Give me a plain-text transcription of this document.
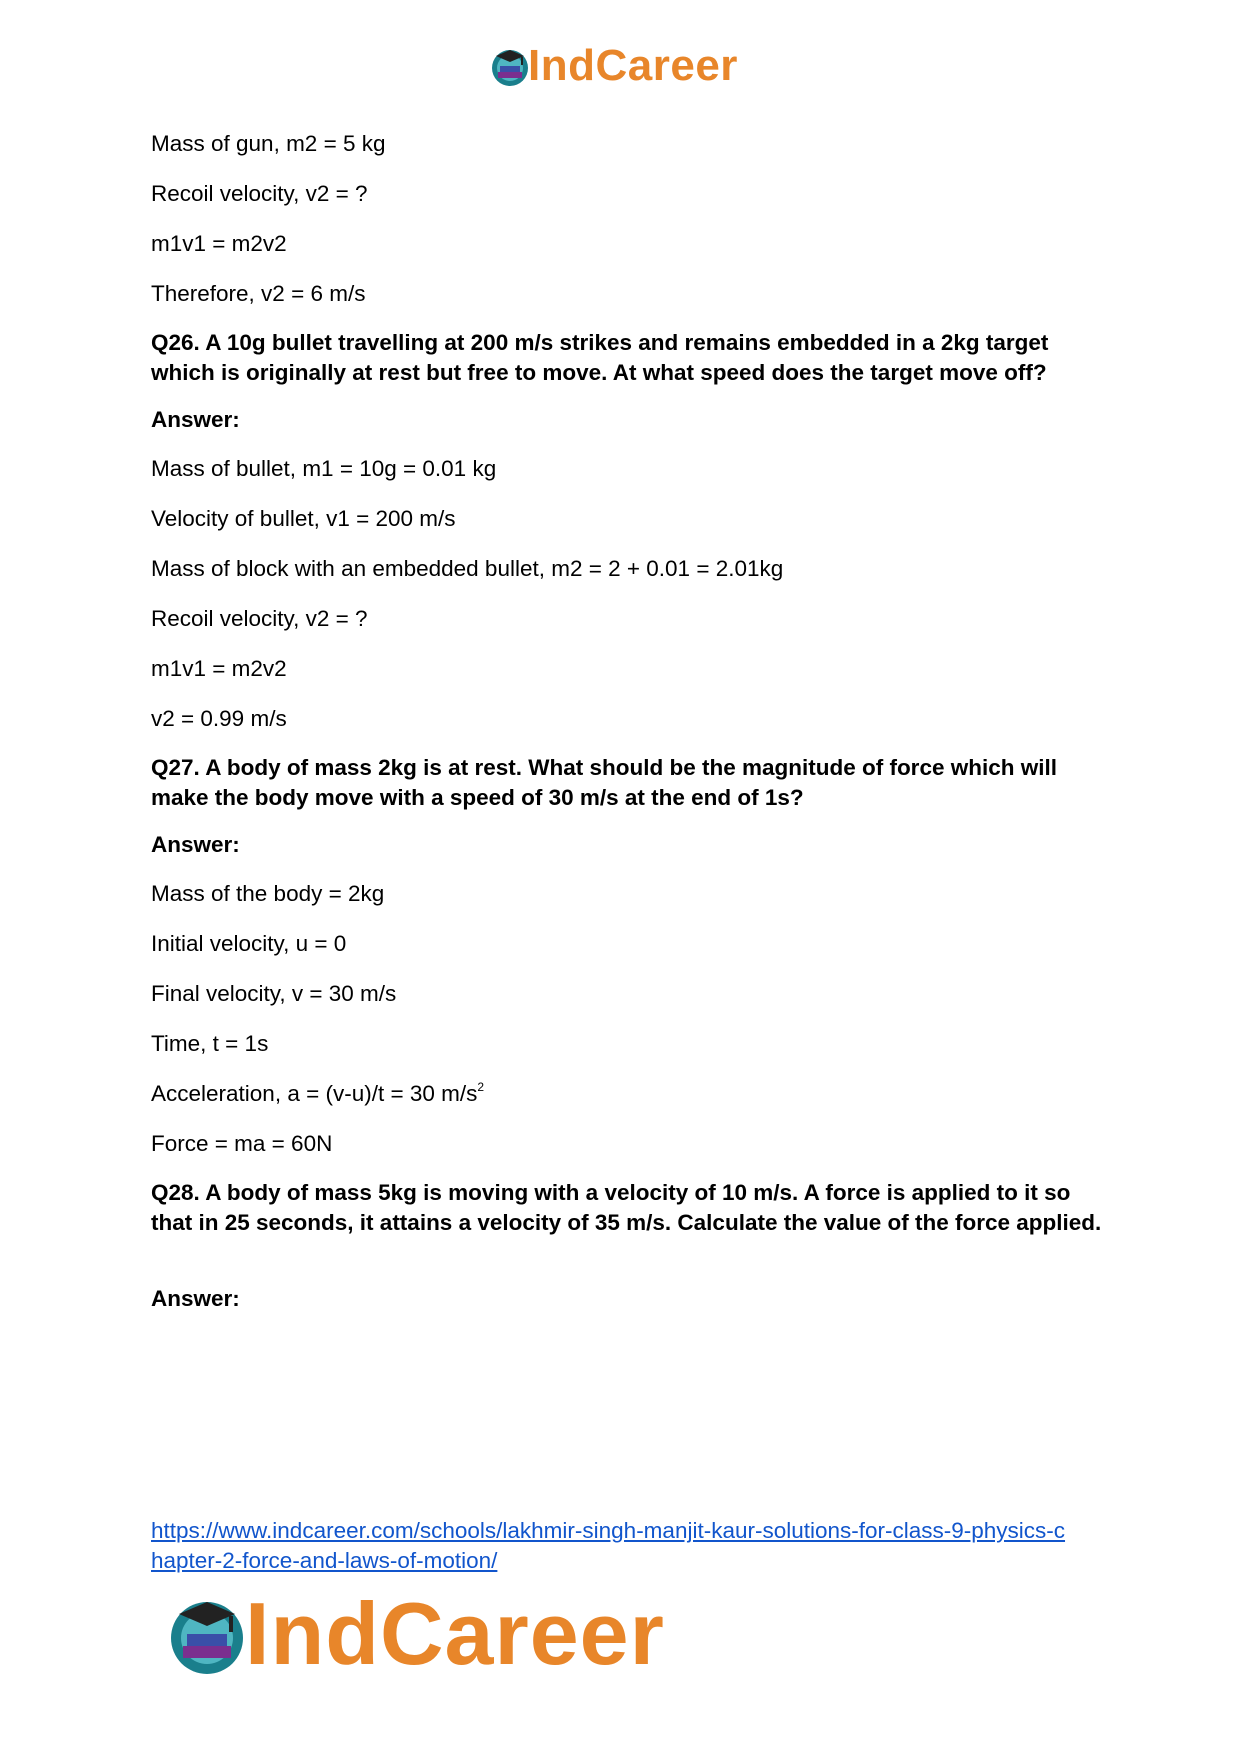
IndCareer
Mass of gun, m2 = 5 kg
Recoil velocity, v2 = ?
m1v1 = m2v2
Therefore, v2 = 6 m/s
Q26. A 10g bullet travelling at 200 m/s strikes and remains embedded in a 2kg target which is originally at rest but free to move. At what speed does the target move off?
Answer:
Mass of bullet, m1 = 10g = 0.01 kg
Velocity of bullet, v1 = 200 m/s
Mass of block with an embedded bullet, m2 = 2 + 0.01 = 2.01kg
Recoil velocity, v2 = ?
m1v1 = m2v2
v2 = 0.99 m/s
Q27. A body of mass 2kg is at rest. What should be the magnitude of force which will make the body move with a speed of 30 m/s at the end of 1s?
Answer:
Mass of the body = 2kg
Initial velocity, u = 0
Final velocity, v = 30 m/s
Time, t = 1s
Acceleration, a = (v-u)/t = 30 $m/s^2$
Force = ma = 60N
Q28. A body of mass 5kg is moving with a velocity of 10 m/s. A force is applied to it so that in 25 seconds, it attains a velocity of 35 m/s. Calculate the value of the force applied.
Answer:
https://www.indcareer.com/schools/lakhmir-singh-manjit-kaur-solutions-for-class-9-physics-c
hapter-2-force-and-laws-of-motion/
IndCareer
